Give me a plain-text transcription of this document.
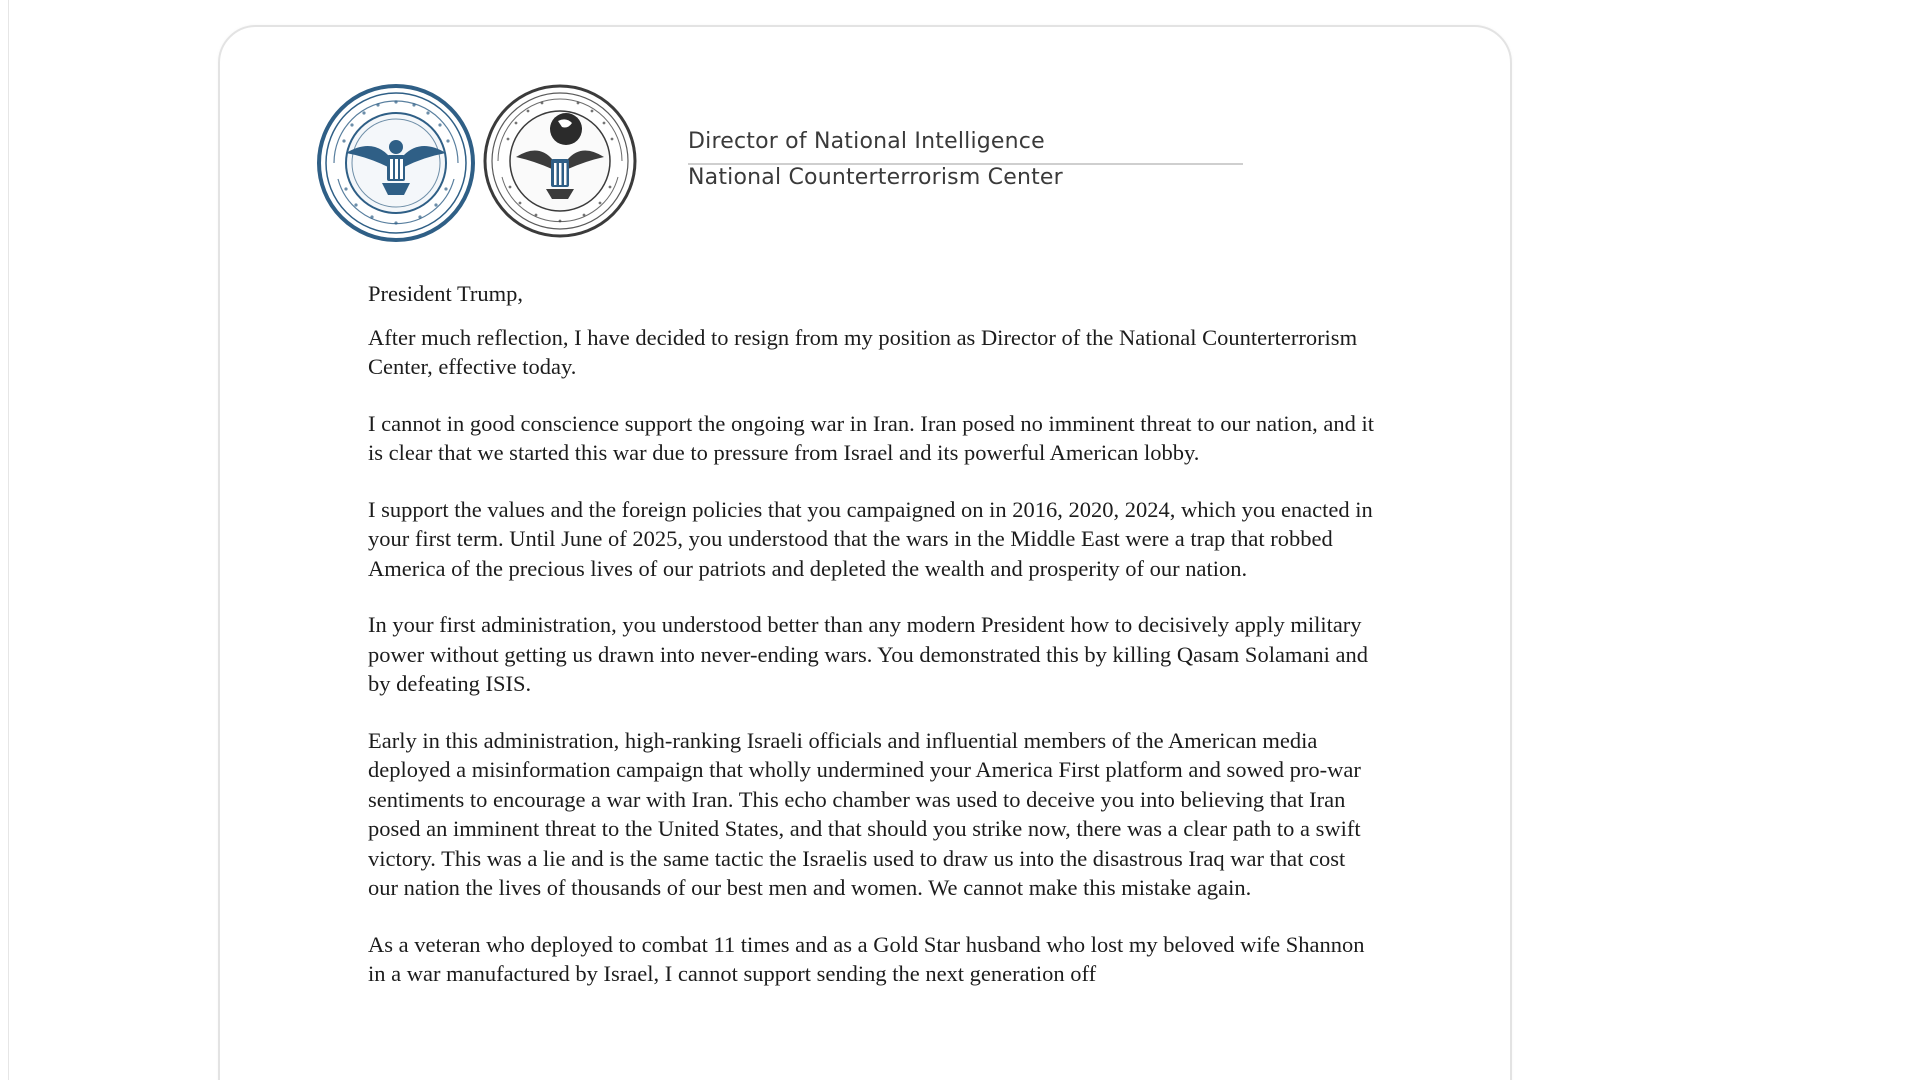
Director of National Intelligence
National Counterterrorism Center

President Trump,

After much reflection, I have decided to resign from my position as Director of the National Counterterrorism Center, effective today.

I cannot in good conscience support the ongoing war in Iran. Iran posed no imminent threat to our nation, and it is clear that we started this war due to pressure from Israel and its powerful American lobby.

I support the values and the foreign policies that you campaigned on in 2016, 2020, 2024, which you enacted in your first term. Until June of 2025, you understood that the wars in the Middle East were a trap that robbed America of the precious lives of our patriots and depleted the wealth and prosperity of our nation.

In your first administration, you understood better than any modern President how to decisively apply military power without getting us drawn into never-ending wars. You demonstrated this by killing Qasam Solamani and by defeating ISIS.

Early in this administration, high-ranking Israeli officials and influential members of the American media deployed a misinformation campaign that wholly undermined your America First platform and sowed pro-war sentiments to encourage a war with Iran. This echo chamber was used to deceive you into believing that Iran posed an imminent threat to the United States, and that should you strike now, there was a clear path to a swift victory. This was a lie and is the same tactic the Israelis used to draw us into the disastrous Iraq war that cost our nation the lives of thousands of our best men and women. We cannot make this mistake again.

As a veteran who deployed to combat 11 times and as a Gold Star husband who lost my beloved wife Shannon in a war manufactured by Israel, I cannot support sending the next generation off
